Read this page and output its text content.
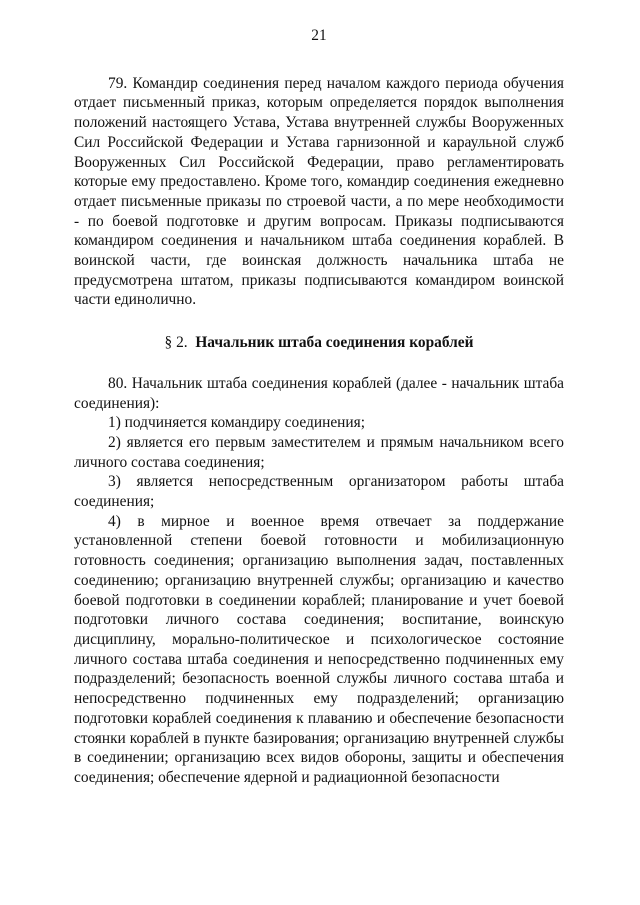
21

79. Командир соединения перед началом каждого периода обучения отдает письменный приказ, которым определяется порядок выполнения положений настоящего Устава, Устава внутренней службы Вооруженных Сил Российской Федерации и Устава гарнизонной и караульной служб Вооруженных Сил Российской Федерации, право регламентировать которые ему предоставлено. Кроме того, командир соединения ежедневно отдает письменные приказы по строевой части, а по мере необходимости - по боевой подготовке и другим вопросам. Приказы подписываются командиром соединения и начальником штаба соединения кораблей. В воинской части, где воинская должность начальника штаба не предусмотрена штатом, приказы подписываются командиром воинской части единолично.

§ 2. Начальник штаба соединения кораблей

80. Начальник штаба соединения кораблей (далее - начальник штаба соединения):

1) подчиняется командиру соединения;

2) является его первым заместителем и прямым начальником всего личного состава соединения;

3) является непосредственным организатором работы штаба соединения;

4) в мирное и военное время отвечает за поддержание установленной степени боевой готовности и мобилизационную готовность соединения; организацию выполнения задач, поставленных соединению; организацию внутренней службы; организацию и качество боевой подготовки в соединении кораблей; планирование и учет боевой подготовки личного состава соединения; воспитание, воинскую дисциплину, морально-политическое и психологическое состояние личного состава штаба соединения и непосредственно подчиненных ему подразделений; безопасность военной службы личного состава штаба и непосредственно подчиненных ему подразделений; организацию подготовки кораблей соединения к плаванию и обеспечение безопасности стоянки кораблей в пункте базирования; организацию внутренней службы в соединении; организацию всех видов обороны, защиты и обеспечения соединения; обеспечение ядерной и радиационной безопасности
